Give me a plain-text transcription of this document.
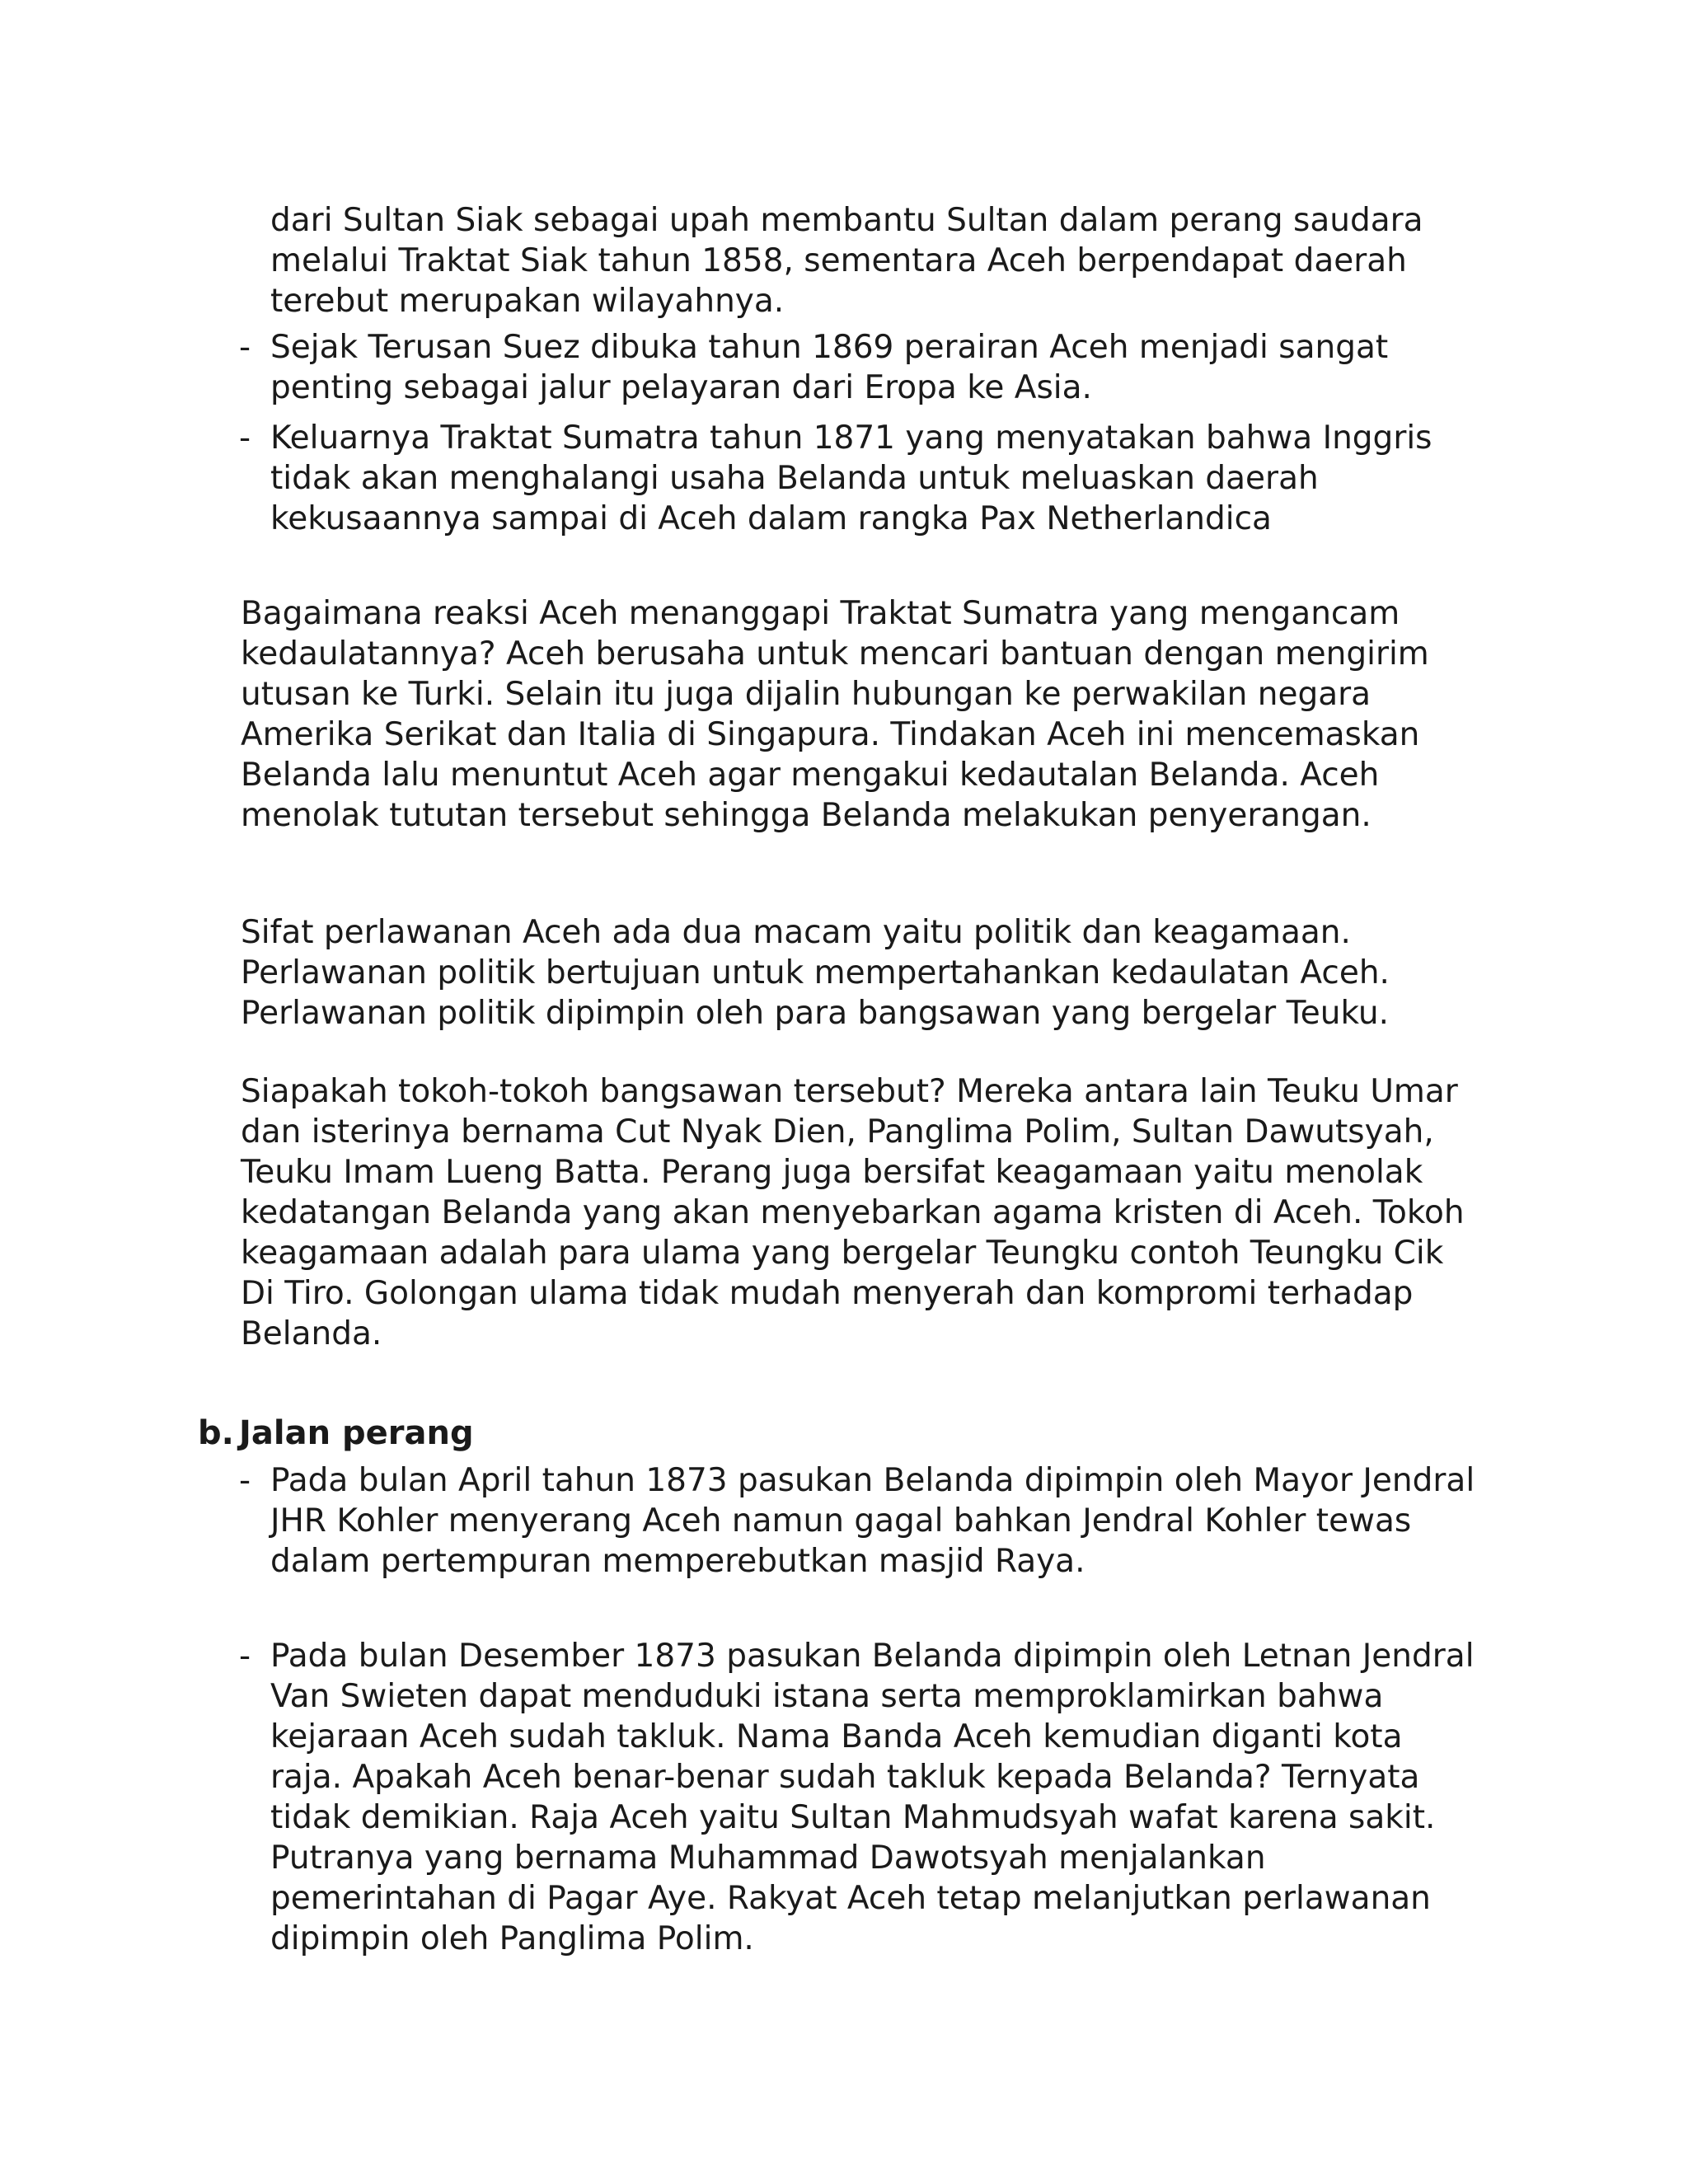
dari Sultan Siak sebagai upah membantu Sultan dalam perang saudara melalui Traktat Siak tahun 1858, sementara Aceh berpendapat daerah terebut merupakan wilayahnya.

- Sejak Terusan Suez dibuka tahun 1869 perairan Aceh menjadi sangat penting sebagai jalur pelayaran dari Eropa ke Asia.
- Keluarnya Traktat Sumatra tahun 1871 yang menyatakan bahwa Inggris tidak akan menghalangi usaha Belanda untuk meluaskan daerah kekusaannya sampai di Aceh dalam rangka Pax Netherlandica

Bagaimana reaksi Aceh menanggapi Traktat Sumatra yang mengancam kedaulatannya? Aceh berusaha untuk mencari bantuan dengan mengirim utusan ke Turki. Selain itu juga dijalin hubungan ke perwakilan negara Amerika Serikat dan Italia di Singapura. Tindakan Aceh ini mencemaskan Belanda lalu menuntut Aceh agar mengakui kedautalan Belanda. Aceh menolak tututan tersebut sehingga Belanda melakukan penyerangan.

Sifat perlawanan Aceh ada dua macam yaitu politik dan keagamaan. Perlawanan politik bertujuan untuk mempertahankan kedaulatan Aceh. Perlawanan politik dipimpin oleh para bangsawan yang bergelar Teuku.

Siapakah tokoh-tokoh bangsawan tersebut? Mereka antara lain Teuku Umar dan isterinya bernama Cut Nyak Dien, Panglima Polim, Sultan Dawutsyah, Teuku Imam Lueng Batta. Perang juga bersifat keagamaan yaitu menolak kedatangan Belanda yang akan menyebarkan agama kristen di Aceh. Tokoh keagamaan adalah para ulama yang bergelar Teungku contoh Teungku Cik Di Tiro. Golongan ulama tidak mudah menyerah dan kompromi terhadap Belanda.

b. Jalan perang
- Pada bulan April tahun 1873 pasukan Belanda dipimpin oleh Mayor Jendral JHR Kohler menyerang Aceh namun gagal bahkan Jendral Kohler tewas dalam pertempuran memperebutkan masjid Raya.
- Pada bulan Desember 1873 pasukan Belanda dipimpin oleh Letnan Jendral Van Swieten dapat menduduki istana serta memproklamirkan bahwa kejaraan Aceh sudah takluk. Nama Banda Aceh kemudian diganti kota raja. Apakah Aceh benar-benar sudah takluk kepada Belanda? Ternyata tidak demikian. Raja Aceh yaitu Sultan Mahmudsyah wafat karena sakit. Putranya yang bernama Muhammad Dawotsyah menjalankan pemerintahan di Pagar Aye. Rakyat Aceh tetap melanjutkan perlawanan dipimpin oleh Panglima Polim.
